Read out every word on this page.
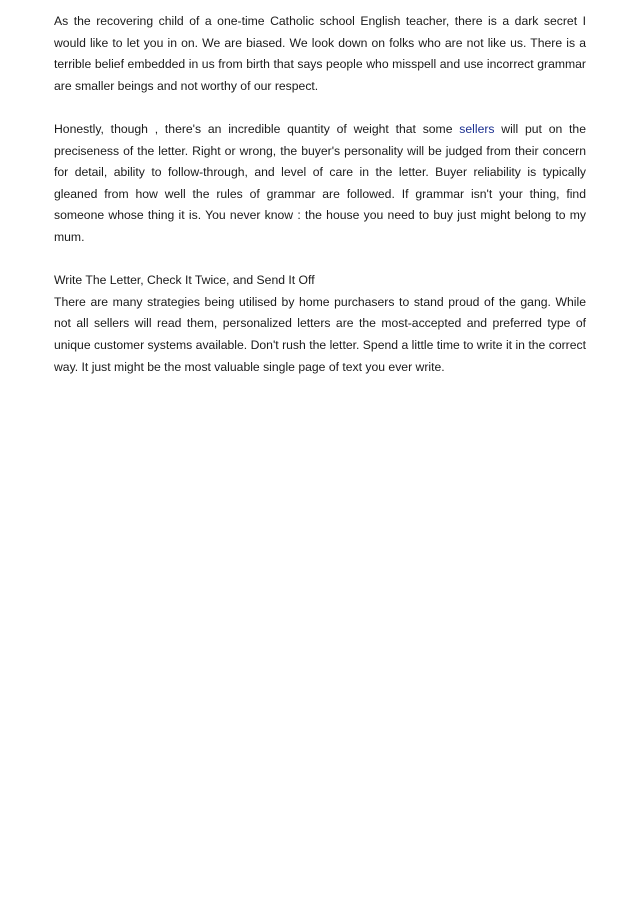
As the recovering child of a one-time Catholic school English teacher, there is a dark secret I would like to let you in on. We are biased. We look down on folks who are not like us. There is a terrible belief embedded in us from birth that says people who misspell and use incorrect grammar are smaller beings and not worthy of our respect.

Honestly, though , there's an incredible quantity of weight that some sellers will put on the preciseness of the letter. Right or wrong, the buyer's personality will be judged from their concern for detail, ability to follow-through, and level of care in the letter. Buyer reliability is typically gleaned from how well the rules of grammar are followed. If grammar isn't your thing, find someone whose thing it is. You never know : the house you need to buy just might belong to my mum.

Write The Letter, Check It Twice, and Send It Off

There are many strategies being utilised by home purchasers to stand proud of the gang. While not all sellers will read them, personalized letters are the most-accepted and preferred type of unique customer systems available. Don't rush the letter. Spend a little time to write it in the correct way. It just might be the most valuable single page of text you ever write.
